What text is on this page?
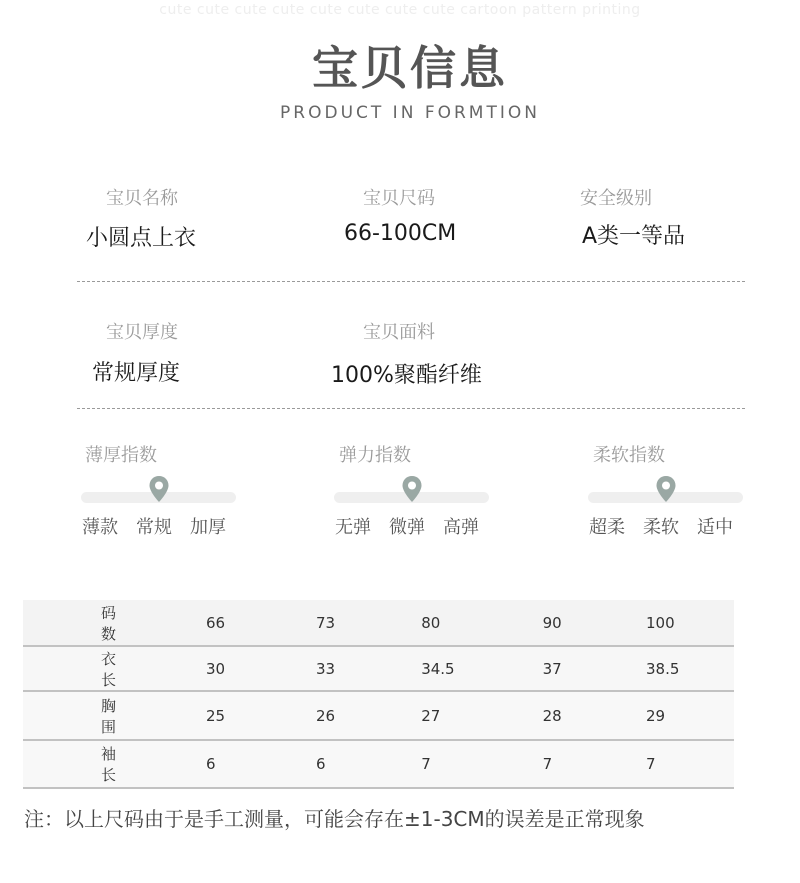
cute cute cute cute cute cute cute cute cartoon pattern printing
宝贝信息
PRODUCT IN FORMTION
宝贝名称
小圆点上衣
宝贝尺码
66-100CM
安全级别
A类一等品
宝贝厚度
常规厚度
宝贝面料
100%聚酯纤维
薄厚指数
薄款 常规 加厚
弹力指数
无弹 微弹 高弹
柔软指数
超柔 柔软 适中
码数	66	73	80	90	100
衣长	30	33	34.5	37	38.5
胸围	25	26	27	28	29
袖长	6	6	7	7	7
注：以上尺码由于是手工测量，可能会存在±1-3CM的误差是正常现象
